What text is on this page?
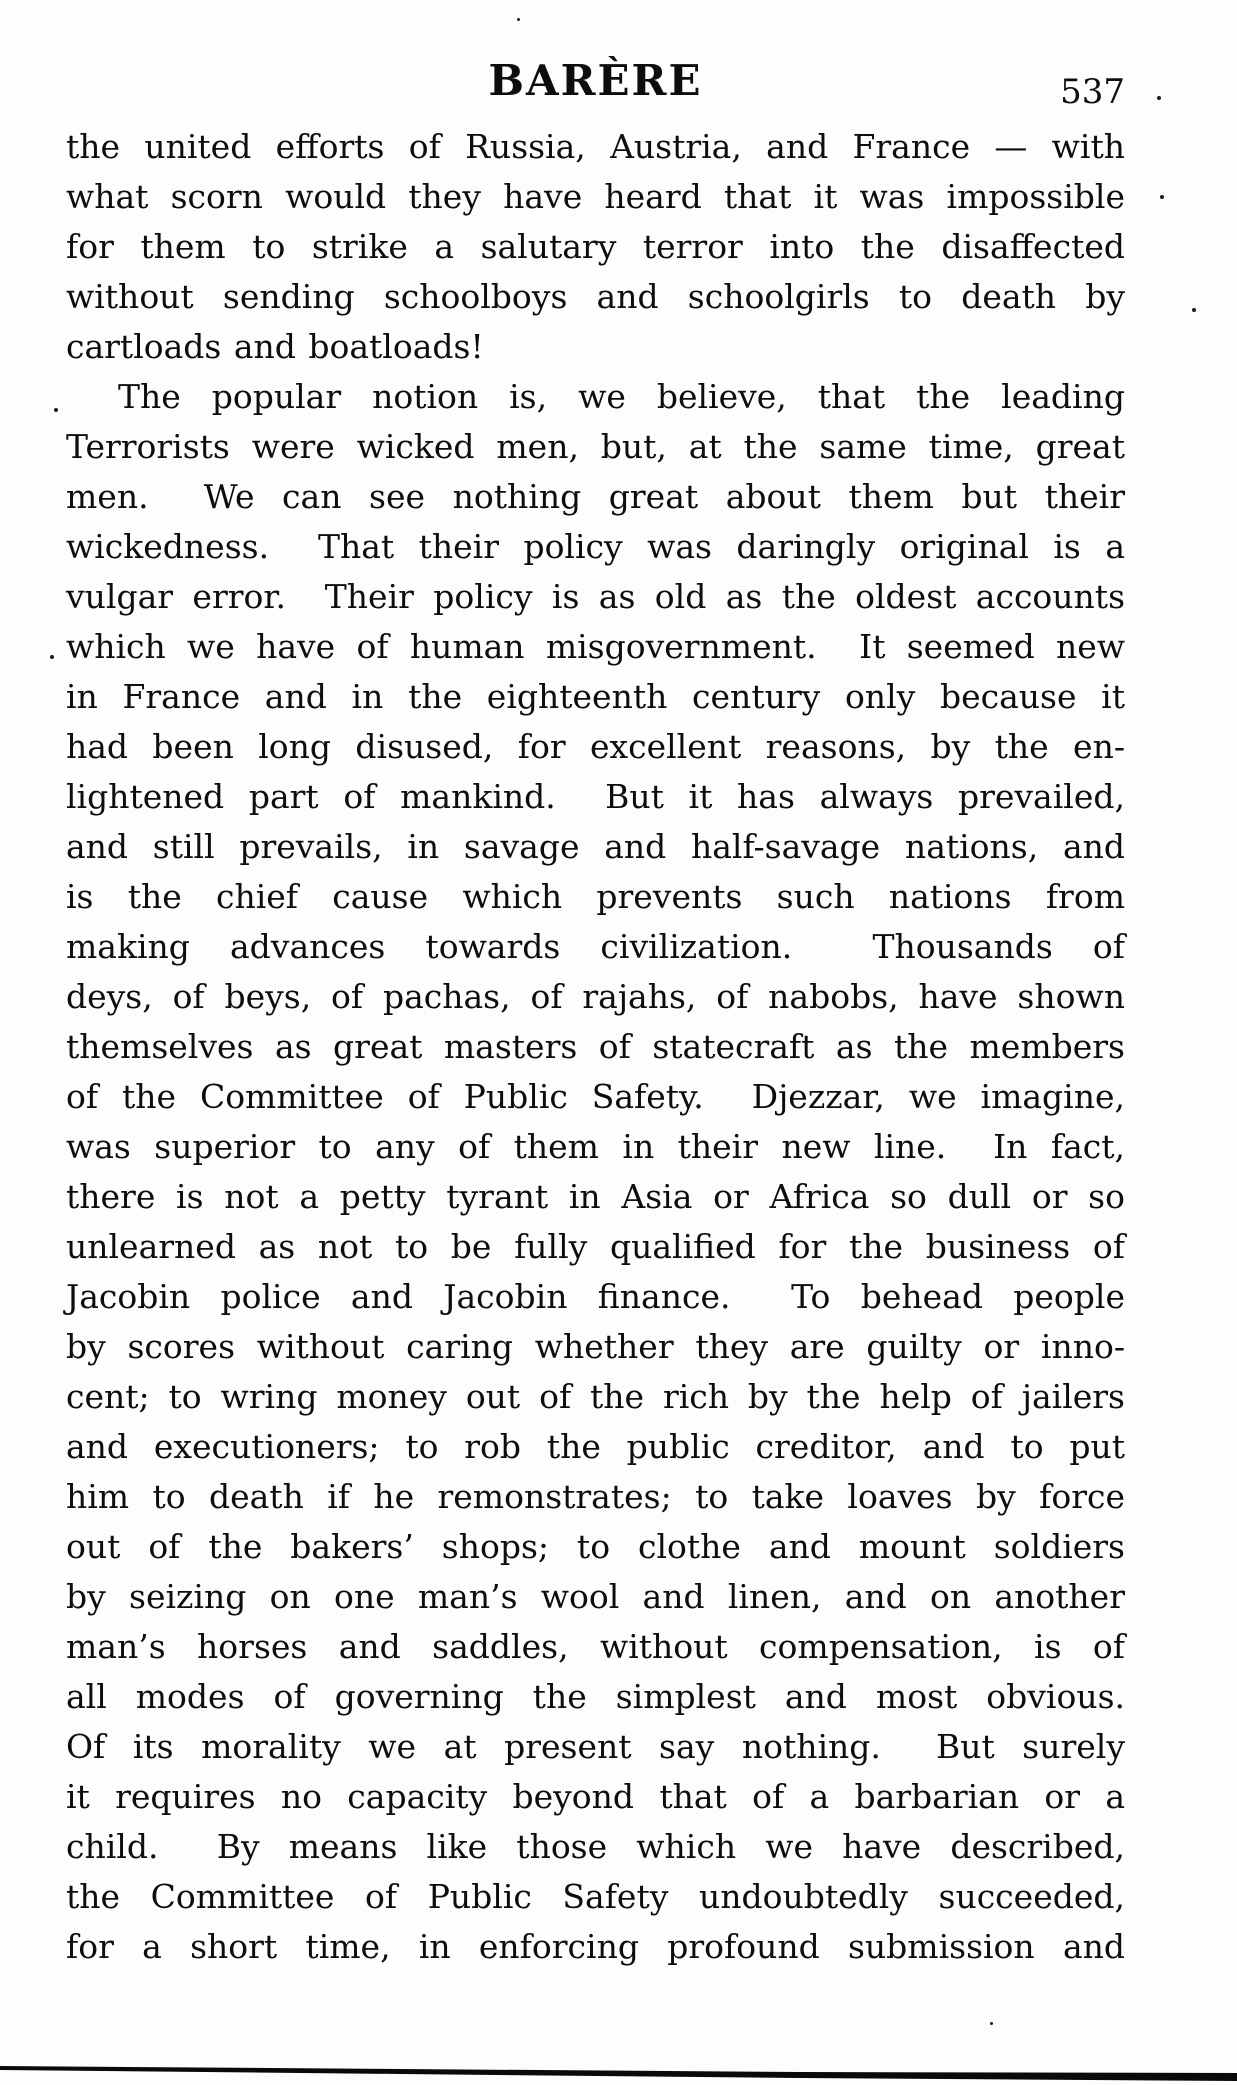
BARÈRE	537
the united efforts of Russia, Austria, and France — with
what scorn would they have heard that it was impossible
for them to strike a salutary terror into the disaffected
without sending schoolboys and schoolgirls to death by
cartloads and boatloads!
The popular notion is, we believe, that the leading
Terrorists were wicked men, but, at the same time, great
men.  We can see nothing great about them but their
wickedness.  That their policy was daringly original is a
vulgar error.  Their policy is as old as the oldest accounts
which we have of human misgovernment.  It seemed new
in France and in the eighteenth century only because it
had been long disused, for excellent reasons, by the en-
lightened part of mankind.  But it has always prevailed,
and still prevails, in savage and half-savage nations, and
is the chief cause which prevents such nations from
making advances towards civilization.  Thousands of
deys, of beys, of pachas, of rajahs, of nabobs, have shown
themselves as great masters of statecraft as the members
of the Committee of Public Safety.  Djezzar, we imagine,
was superior to any of them in their new line.  In fact,
there is not a petty tyrant in Asia or Africa so dull or so
unlearned as not to be fully qualified for the business of
Jacobin police and Jacobin finance.  To behead people
by scores without caring whether they are guilty or inno-
cent; to wring money out of the rich by the help of jailers
and executioners; to rob the public creditor, and to put
him to death if he remonstrates; to take loaves by force
out of the bakers’ shops; to clothe and mount soldiers
by seizing on one man’s wool and linen, and on another
man’s horses and saddles, without compensation, is of
all modes of governing the simplest and most obvious.
Of its morality we at present say nothing.  But surely
it requires no capacity beyond that of a barbarian or a
child.  By means like those which we have described,
the Committee of Public Safety undoubtedly succeeded,
for a short time, in enforcing profound submission and
